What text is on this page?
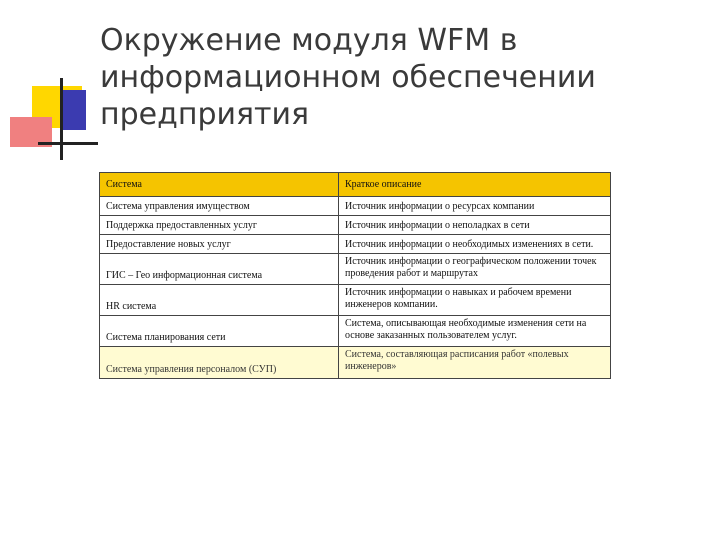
Окружение модуля WFM в
информационном обеспечении
предприятия
Система	Краткое описание
Система управления имуществом	Источник информации о ресурсах компании
Поддержка предоставленных услуг	Источник информации о неполадках в сети
Предоставление новых услуг	Источник информации о необходимых изменениях в сети.
ГИС – Гео информационная система	Источник информации о географическом положении точек проведения работ и маршрутах
HR система	Источник информации о навыках и рабочем времени инженеров компании.
Система планирования сети	Система, описывающая необходимые изменения сети на основе заказанных пользователем услуг.
Система управления персоналом (СУП)	Система, составляющая расписания работ «полевых инженеров»
